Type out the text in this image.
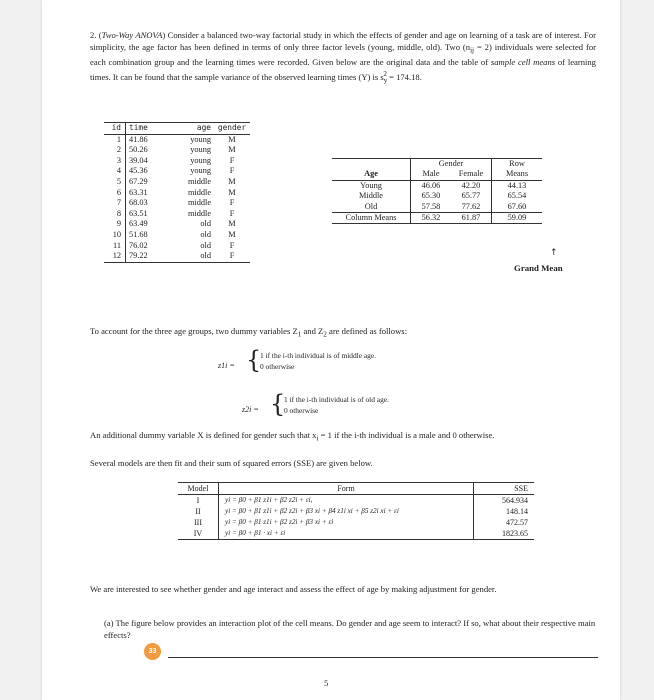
2. (Two-Way ANOVA) Consider a balanced two-way factorial study in which the effects of gender and age on learning of a task are of interest. For simplicity, the age factor has been defined in terms of only three factor levels (young, middle, old). Two $(n_{ij} = 2)$ individuals were selected for each combination group and the learning times were recorded. Given below are the original data and the table of sample cell means of learning times. It can be found that the sample variance of the observed learning times (Y) is $s_y^2 = 174.18$.
id	time	age	gender
1	41.86	young	M
2	50.26	young	M
3	39.04	young	F
4	45.36	young	F
5	67.29	middle	M
6	63.31	middle	M
7	68.03	middle	F
8	63.51	middle	F
9	63.49	old	M
10	51.68	old	M
11	76.02	old	F
12	79.22	old	F
	Gender		Row
Age	Male	Female	Means
Young	46.06	42.20	44.13
Middle	65.30	65.77	65.54
Old	57.58	77.62	67.60
Column Means	56.32	61.87	59.09
↑
Grand Mean
To account for the three age groups, two dummy variables $Z_1$ and $Z_2$ are defined as follows:
z1i = {
1 if the i-th individual is of middle age.
0 otherwise
z2i = {
1 if the i-th individual is of old age.
0 otherwise
An additional dummy variable X is defined for gender such that $x_i = 1$ if the i-th individual is a male and 0 otherwise.
Several models are then fit and their sum of squared errors (SSE) are given below.
Model	Form	SSE
I	yi = β0 + β1 z1i + β2 z2i + εi,	564.934
II	yi = β0 + β1 z1i + β2 z2i + β3 xi + β4 z1i xi + β5 z2i xi + εi	148.14
III	yi = β0 + β1 z1i + β2 z2i + β3 xi + εi	472.57
IV	yi = β0 + β1 · xi + εi	1823.65
We are interested to see whether gender and age interact and assess the effect of age by making adjustment for gender.
(a) The figure below provides an interaction plot of the cell means. Do gender and age seem to interact? If so, what about their respective main effects?
33
5
